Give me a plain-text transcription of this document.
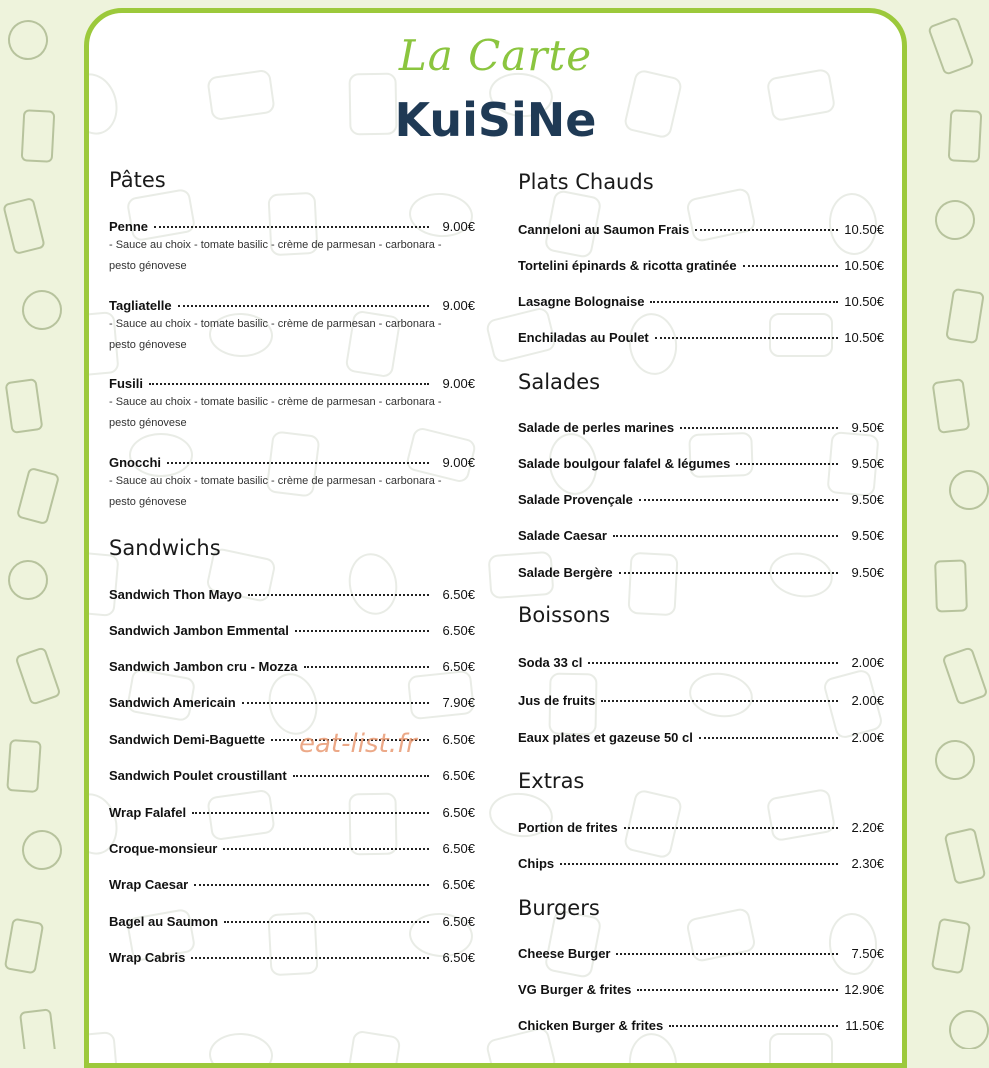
La Carte
KuiSiNe
Pâtes
Penne	9.00€
- Sauce au choix - tomate basilic - crème de parmesan - carbonara - pesto génovese
Tagliatelle	9.00€
- Sauce au choix - tomate basilic - crème de parmesan - carbonara - pesto génovese
Fusili	9.00€
- Sauce au choix - tomate basilic - crème de parmesan - carbonara - pesto génovese
Gnocchi	9.00€
- Sauce au choix - tomate basilic - crème de parmesan - carbonara - pesto génovese
Sandwichs
Sandwich Thon Mayo	6.50€
Sandwich Jambon Emmental	6.50€
Sandwich Jambon cru - Mozza	6.50€
Sandwich Americain	7.90€
Sandwich Demi-Baguette	6.50€
Sandwich Poulet croustillant	6.50€
Wrap Falafel	6.50€
Croque-monsieur	6.50€
Wrap Caesar	6.50€
Bagel au Saumon	6.50€
Wrap Cabris	6.50€
Plats Chauds
Canneloni au Saumon Frais	10.50€
Tortelini épinards & ricotta gratinée	10.50€
Lasagne Bolognaise	10.50€
Enchiladas au Poulet	10.50€
Salades
Salade de perles marines	9.50€
Salade boulgour falafel & légumes	9.50€
Salade Provençale	9.50€
Salade Caesar	9.50€
Salade Bergère	9.50€
Boissons
Soda 33 cl	2.00€
Jus de fruits	2.00€
Eaux plates et gazeuse 50 cl	2.00€
Extras
Portion de frites	2.20€
Chips	2.30€
Burgers
Cheese Burger	7.50€
VG Burger & frites	12.90€
Chicken Burger & frites	11.50€
eat-list.fr
